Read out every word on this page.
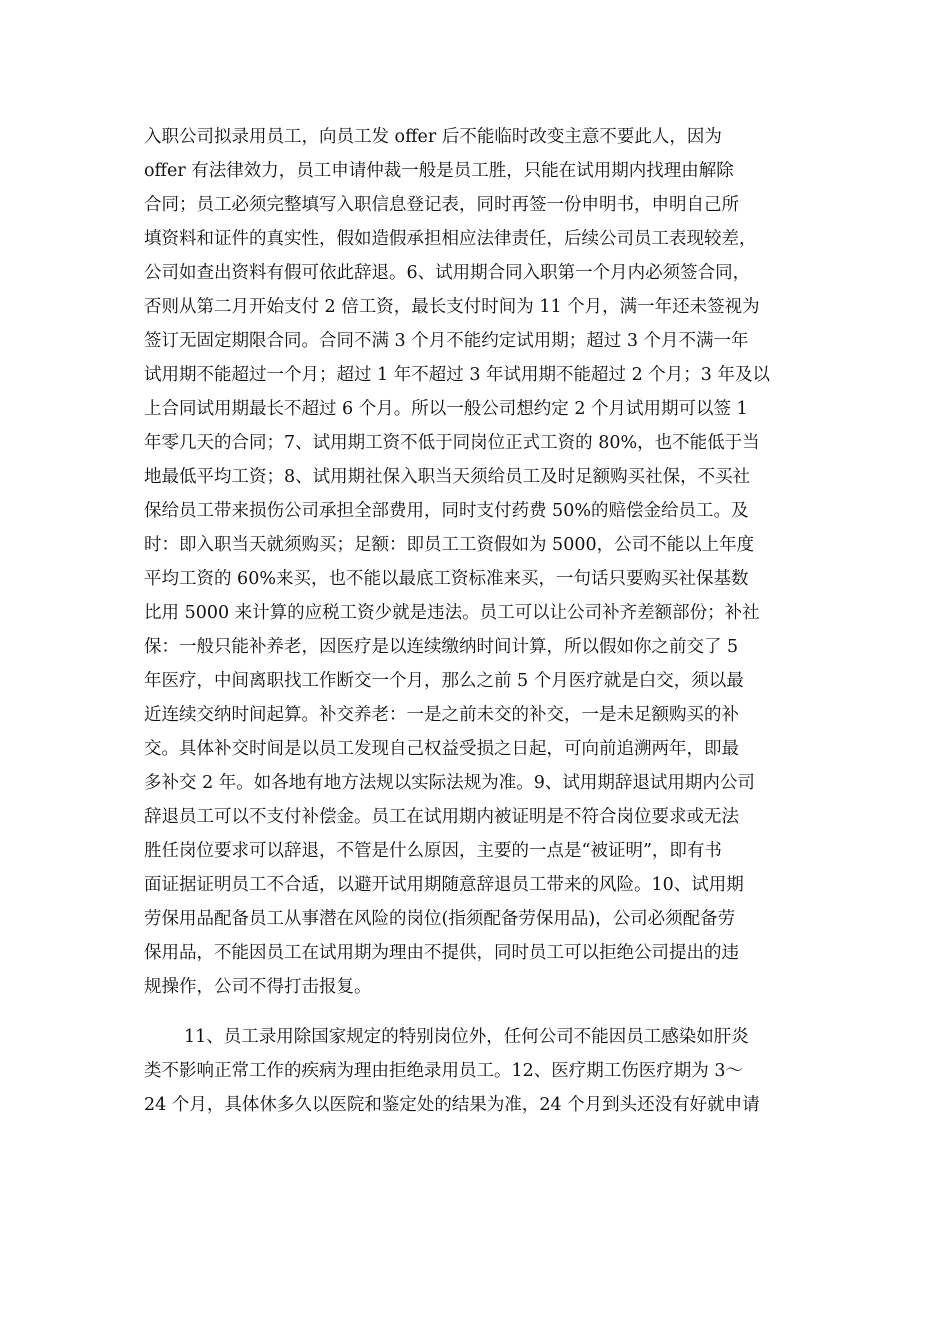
入职公司拟录用员工，向员工发 offer 后不能临时改变主意不要此人，因为
offer 有法律效力，员工申请仲裁一般是员工胜，只能在试用期内找理由解除
合同；员工必须完整填写入职信息登记表，同时再签一份申明书，申明自己所
填资料和证件的真实性，假如造假承担相应法律责任，后续公司员工表现较差，
公司如查出资料有假可依此辞退。6、试用期合同入职第一个月内必须签合同，
否则从第二月开始支付 2 倍工资，最长支付时间为 11 个月，满一年还未签视为
签订无固定期限合同。合同不满 3 个月不能约定试用期；超过 3 个月不满一年
试用期不能超过一个月；超过 1 年不超过 3 年试用期不能超过 2 个月；3 年及以
上合同试用期最长不超过 6 个月。所以一般公司想约定 2 个月试用期可以签 1
年零几天的合同；7、试用期工资不低于同岗位正式工资的 80%，也不能低于当
地最低平均工资；8、试用期社保入职当天须给员工及时足额购买社保，不买社
保给员工带来损伤公司承担全部费用，同时支付药费 50%的赔偿金给员工。及
时：即入职当天就须购买；足额：即员工工资假如为 5000，公司不能以上年度
平均工资的 60%来买，也不能以最底工资标准来买，一句话只要购买社保基数
比用 5000 来计算的应税工资少就是违法。员工可以让公司补齐差额部份；补社
保：一般只能补养老，因医疗是以连续缴纳时间计算，所以假如你之前交了 5
年医疗，中间离职找工作断交一个月，那么之前 5 个月医疗就是白交，须以最
近连续交纳时间起算。补交养老：一是之前未交的补交，一是未足额购买的补
交。具体补交时间是以员工发现自己权益受损之日起，可向前追溯两年，即最
多补交 2 年。如各地有地方法规以实际法规为准。9、试用期辞退试用期内公司
辞退员工可以不支付补偿金。员工在试用期内被证明是不符合岗位要求或无法
胜任岗位要求可以辞退，不管是什么原因，主要的一点是“被证明”，即有书
面证据证明员工不合适，以避开试用期随意辞退员工带来的风险。10、试用期
劳保用品配备员工从事潜在风险的岗位(指须配备劳保用品)，公司必须配备劳
保用品，不能因员工在试用期为理由不提供，同时员工可以拒绝公司提出的违
规操作，公司不得打击报复。
11、员工录用除国家规定的特别岗位外，任何公司不能因员工感染如肝炎
类不影响正常工作的疾病为理由拒绝录用员工。12、医疗期工伤医疗期为 3～
24 个月，具体休多久以医院和鉴定处的结果为准，24 个月到头还没有好就申请
